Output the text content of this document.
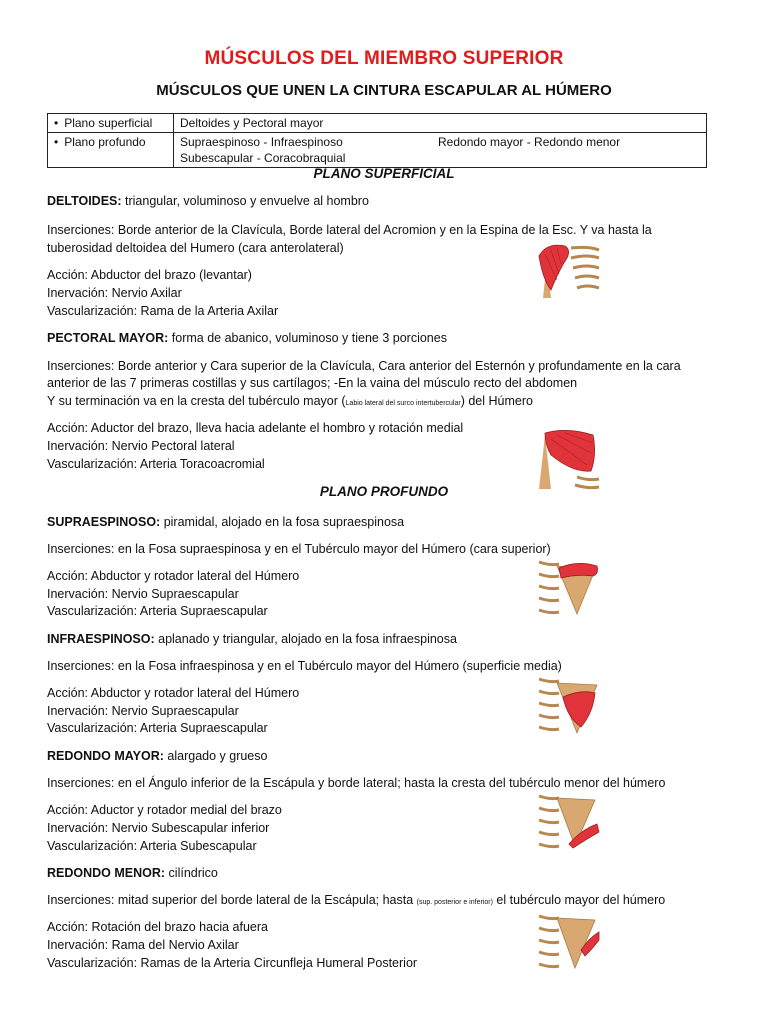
MÚSCULOS DEL MIEMBRO SUPERIOR
MÚSCULOS QUE UNEN LA CINTURA ESCAPULAR AL HÚMERO
• Plano superficial	Deltoides y Pectoral mayor
• Plano profundo	Supraespinoso - Infraespinoso Redondo mayor - Redondo menor
Subescapular - Coracobraquial
PLANO SUPERFICIAL
DELTOIDES: triangular, voluminoso y envuelve al hombro
Inserciones: Borde anterior de la Clavícula, Borde lateral del Acromion y en la Espina de la Esc. Y va hasta la
tuberosidad deltoidea del Humero (cara anterolateral)
Acción: Abductor del brazo (levantar)
Inervación: Nervio Axilar
Vascularización: Rama de la Arteria Axilar
PECTORAL MAYOR: forma de abanico, voluminoso y tiene 3 porciones
Inserciones: Borde anterior y Cara superior de la Clavícula, Cara anterior del Esternón y profundamente en la cara
anterior de las 7 primeras costillas y sus cartílagos; -En la vaina del músculo recto del abdomen
Y su terminación va en la cresta del tubérculo mayor (Labio lateral del surco intertubercular) del Húmero
Acción: Aductor del brazo, lleva hacia adelante el hombro y rotación medial
Inervación: Nervio Pectoral lateral
Vascularización: Arteria Toracoacromial
PLANO PROFUNDO
SUPRAESPINOSO: piramidal, alojado en la fosa supraespinosa
Inserciones: en la Fosa supraespinosa y en el Tubérculo mayor del Húmero (cara superior)
Acción: Abductor y rotador lateral del Húmero
Inervación: Nervio Supraescapular
Vascularización: Arteria Supraescapular
INFRAESPINOSO: aplanado y triangular, alojado en la fosa infraespinosa
Inserciones: en la Fosa infraespinosa y en el Tubérculo mayor del Húmero (superficie media)
Acción: Abductor y rotador lateral del Húmero
Inervación: Nervio Supraescapular
Vascularización: Arteria Supraescapular
REDONDO MAYOR: alargado y grueso
Inserciones: en el Ángulo inferior de la Escápula y borde lateral; hasta la cresta del tubérculo menor del húmero
Acción: Aductor y rotador medial del brazo
Inervación: Nervio Subescapular inferior
Vascularización: Arteria Subescapular
REDONDO MENOR: cilíndrico
Inserciones: mitad superior del borde lateral de la Escápula; hasta (sup. posterior e inferior) el tubérculo mayor del húmero
Acción: Rotación del brazo hacia afuera
Inervación: Rama del Nervio Axilar
Vascularización: Ramas de la Arteria Circunfleja Humeral Posterior
